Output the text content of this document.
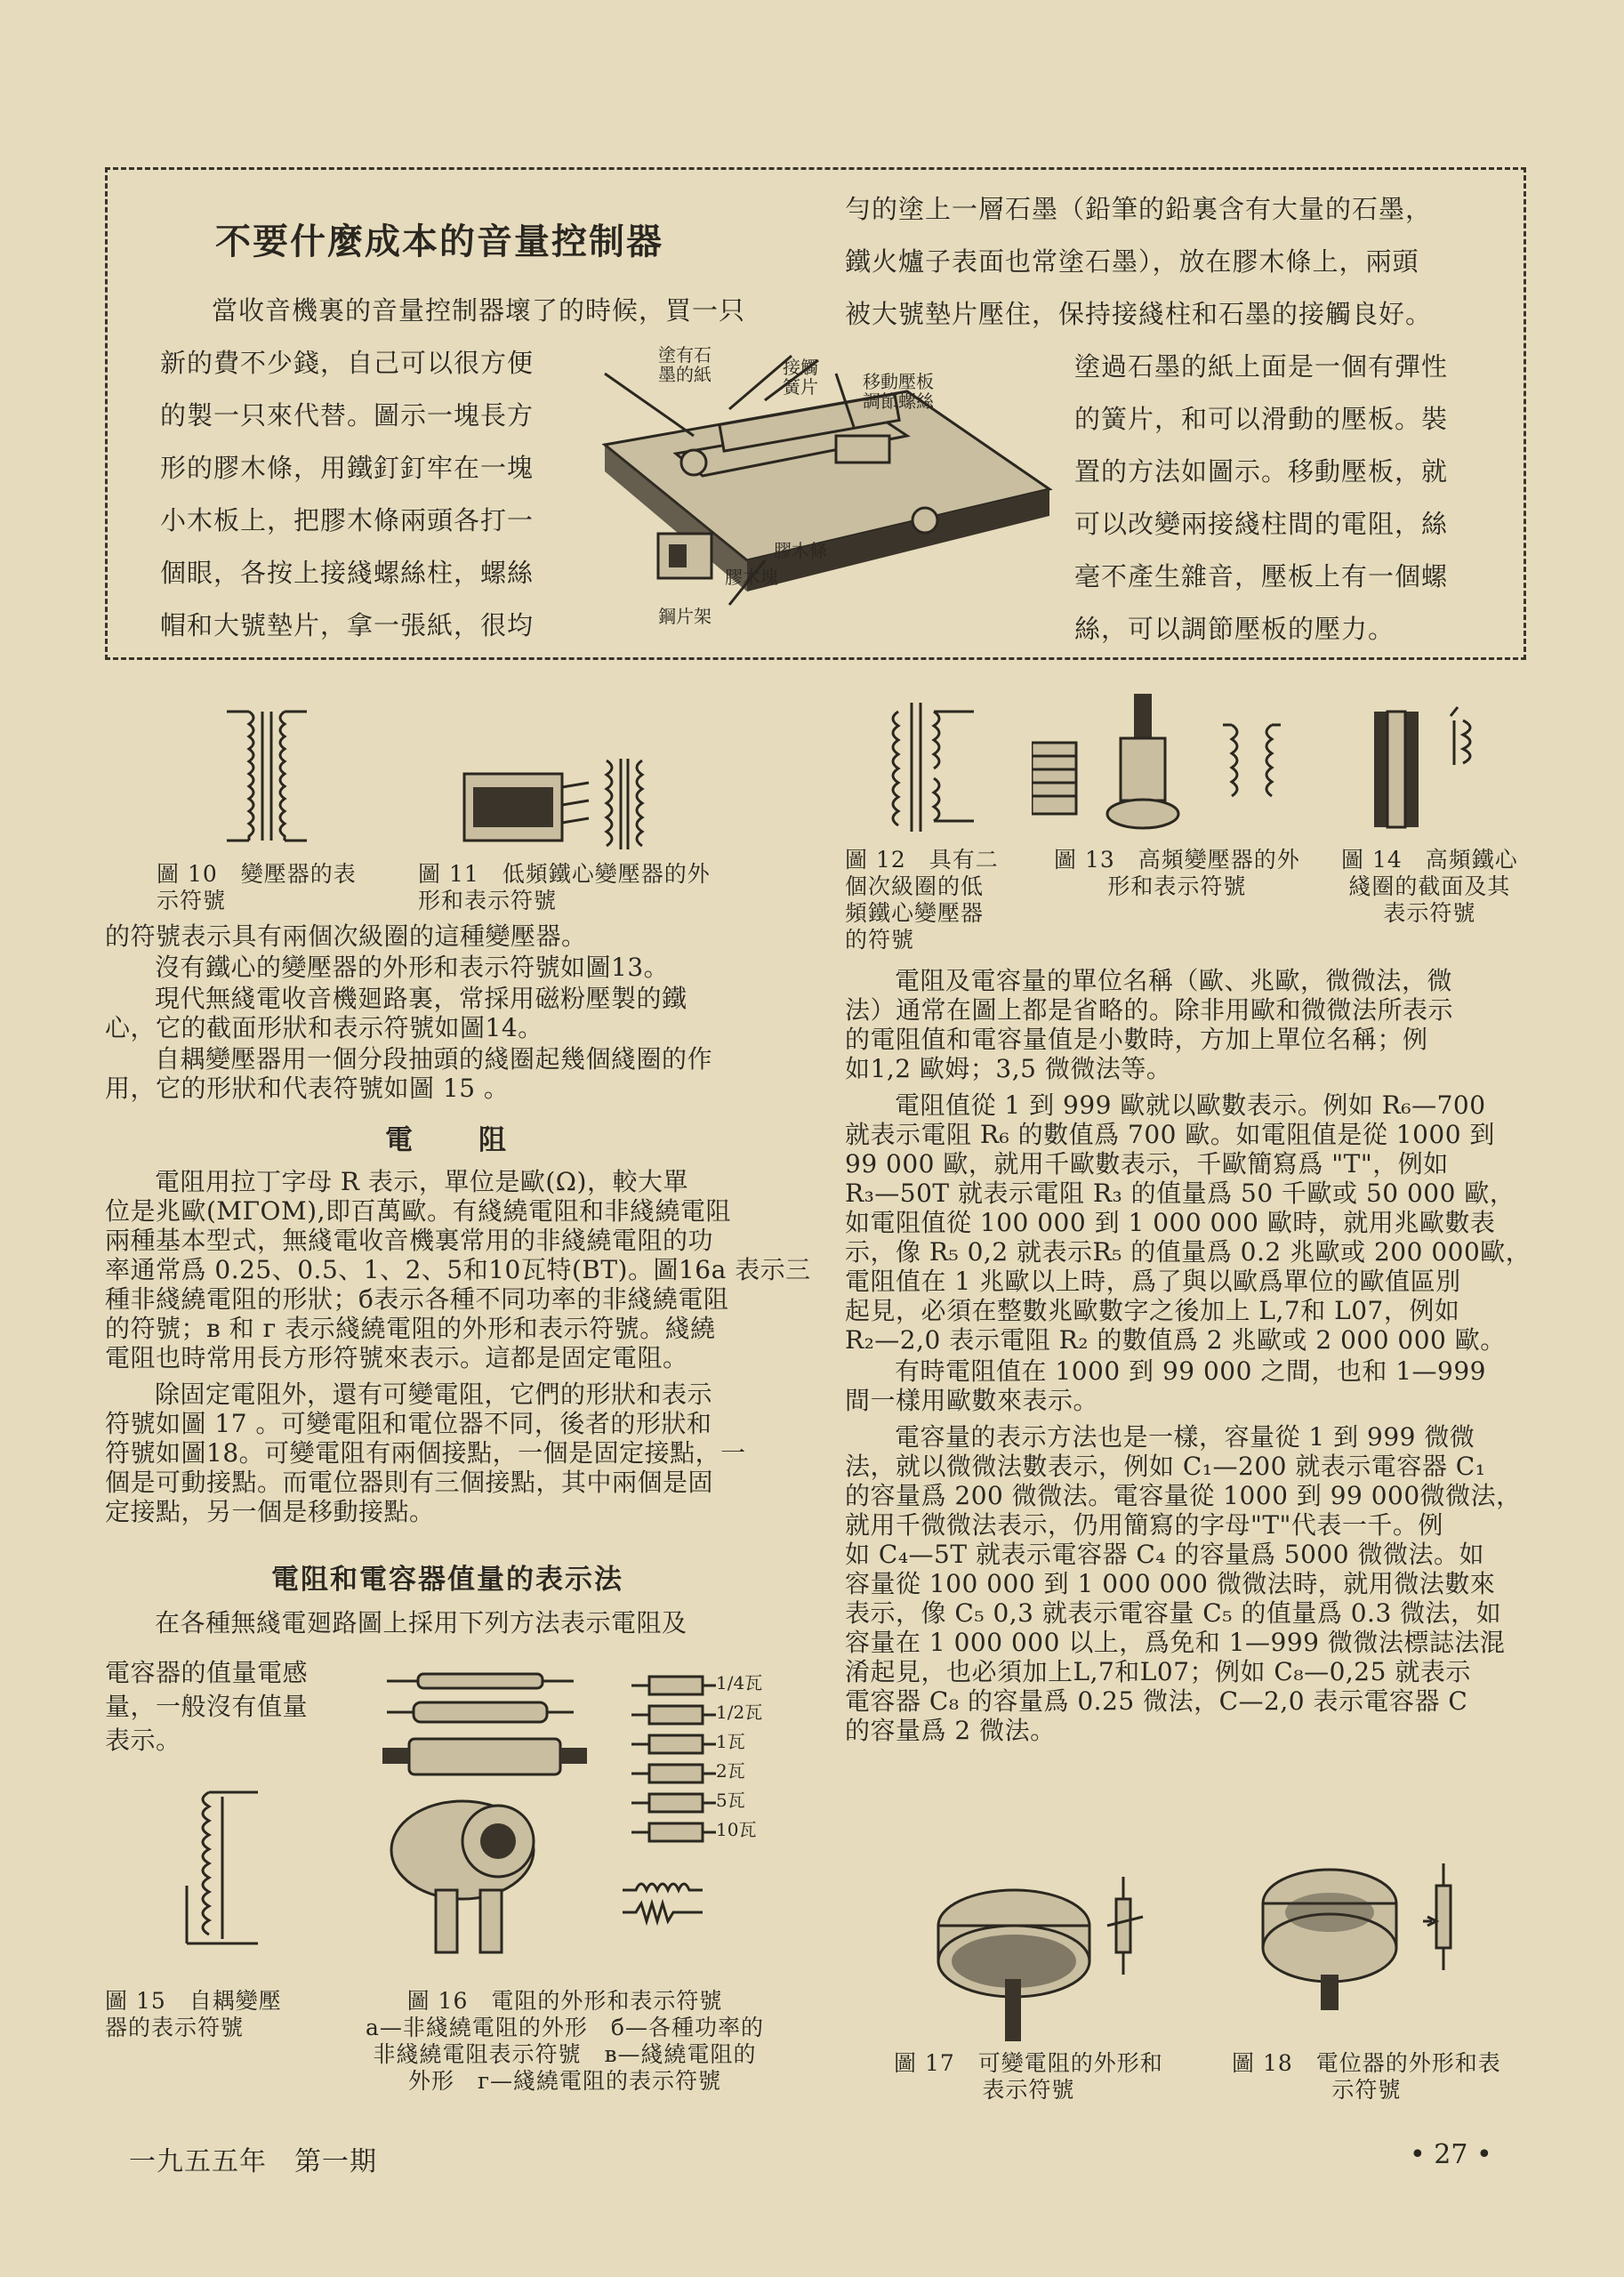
不要什麼成本的音量控制器
當收音機裏的音量控制器壞了的時候，買一只
新的費不少錢，自己可以很方便
的製一只來代替。圖示一塊長方
形的膠木條，用鐵釘釘牢在一塊
小木板上，把膠木條兩頭各打一
個眼，各按上接綫螺絲柱，螺絲
帽和大號墊片，拿一張紙，很均
勻的塗上一層石墨（鉛筆的鉛裏含有大量的石墨，
鐵火爐子表面也常塗石墨），放在膠木條上，兩頭
被大號墊片壓住，保持接綫柱和石墨的接觸良好。
塗過石墨的紙上面是一個有彈性
的簧片，和可以滑動的壓板。裝
置的方法如圖示。移動壓板，就
可以改變兩接綫柱間的電阻，絲
毫不產生雜音，壓板上有一個螺
絲，可以調節壓板的壓力。
塗有石
墨的紙	接觸
簧片	移動壓板
調節螺絲
膠木條
膠木塊
鋼片架
圖 10　變壓器的表
示符號
圖 11　低頻鐵心變壓器的外
形和表示符號
圖 12　具有二
個次級圈的低
頻鐵心變壓器
的符號
圖 13　高頻變壓器的外
形和表示符號
圖 14　高頻鐵心
綫圈的截面及其
表示符號
的符號表示具有兩個次級圈的這種變壓器。
沒有鐵心的變壓器的外形和表示符號如圖13。
現代無綫電收音機廻路裏，常採用磁粉壓製的鐵
心，它的截面形狀和表示符號如圖14。
自耦變壓器用一個分段抽頭的綫圈起幾個綫圈的作
用，它的形狀和代表符號如圖 15 。
電　　阻
電阻用拉丁字母 R 表示，單位是歐(Ω)，較大單
位是兆歐(MΓOM),即百萬歐。有綫繞電阻和非綫繞電阻
兩種基本型式，無綫電收音機裏常用的非綫繞電阻的功
率通常爲 0.25、0.5、1、2、5和10瓦特(BT)。圖16a 表示三
種非綫繞電阻的形狀；б表示各種不同功率的非綫繞電阻
的符號；в 和 г 表示綫繞電阻的外形和表示符號。綫繞
電阻也時常用長方形符號來表示。這都是固定電阻。
除固定電阻外，還有可變電阻，它們的形狀和表示
符號如圖 17 。可變電阻和電位器不同，後者的形狀和
符號如圖18。可變電阻有兩個接點，一個是固定接點，一
個是可動接點。而電位器則有三個接點，其中兩個是固
定接點，另一個是移動接點。
電阻和電容器值量的表示法
在各種無綫電廻路圖上採用下列方法表示電阻及
電容器的值量電感
量，一般沒有值量
表示。
圖 15　自耦變壓
器的表示符號
1/4瓦
1/2瓦
1瓦
2瓦
5瓦
10瓦
圖 16　電阻的外形和表示符號
a—非綫繞電阻的外形　б—各種功率的
非綫繞電阻表示符號　в—綫繞電阻的
外形　г—綫繞電阻的表示符號
電阻及電容量的單位名稱（歐、兆歐，微微法，微
法）通常在圖上都是省略的。除非用歐和微微法所表示
的電阻值和電容量值是小數時，方加上單位名稱；例
如1,2 歐姆；3,5 微微法等。
電阻值從 1 到 999 歐就以歐數表示。例如 R₆—700
就表示電阻 R₆ 的數值爲 700 歐。如電阻值是從 1000 到
99 000 歐，就用千歐數表示，千歐簡寫爲 "T"，例如
R₃—50T 就表示電阻 R₃ 的值量爲 50 千歐或 50 000 歐，
如電阻值從 100 000 到 1 000 000 歐時，就用兆歐數表
示，像 R₅ 0,2 就表示R₅ 的值量爲 0.2 兆歐或 200 000歐，
電阻值在 1 兆歐以上時，爲了與以歐爲單位的歐值區別
起見，必須在整數兆歐數字之後加上 L,7和 L07，例如
R₂—2,0 表示電阻 R₂ 的數值爲 2 兆歐或 2 000 000 歐。
有時電阻值在 1000 到 99 000 之間，也和 1—999
間一樣用歐數來表示。
電容量的表示方法也是一樣，容量從 1 到 999 微微
法，就以微微法數表示，例如 C₁—200 就表示電容器 C₁
的容量爲 200 微微法。電容量從 1000 到 99 000微微法，
就用千微微法表示，仍用簡寫的字母"T"代表一千。例
如 C₄—5T 就表示電容器 C₄ 的容量爲 5000 微微法。如
容量從 100 000 到 1 000 000 微微法時，就用微法數來
表示，像 C₅ 0,3 就表示電容量 C₅ 的值量爲 0.3 微法，如
容量在 1 000 000 以上，爲免和 1—999 微微法標誌法混
淆起見，也必須加上L,7和L07；例如 C₈—0,25 就表示
電容器 C₈ 的容量爲 0.25 微法，C—2,0 表示電容器 C
的容量爲 2 微法。
圖 17　可變電阻的外形和
表示符號
圖 18　電位器的外形和表
示符號
一九五五年　第一期	• 27 •
